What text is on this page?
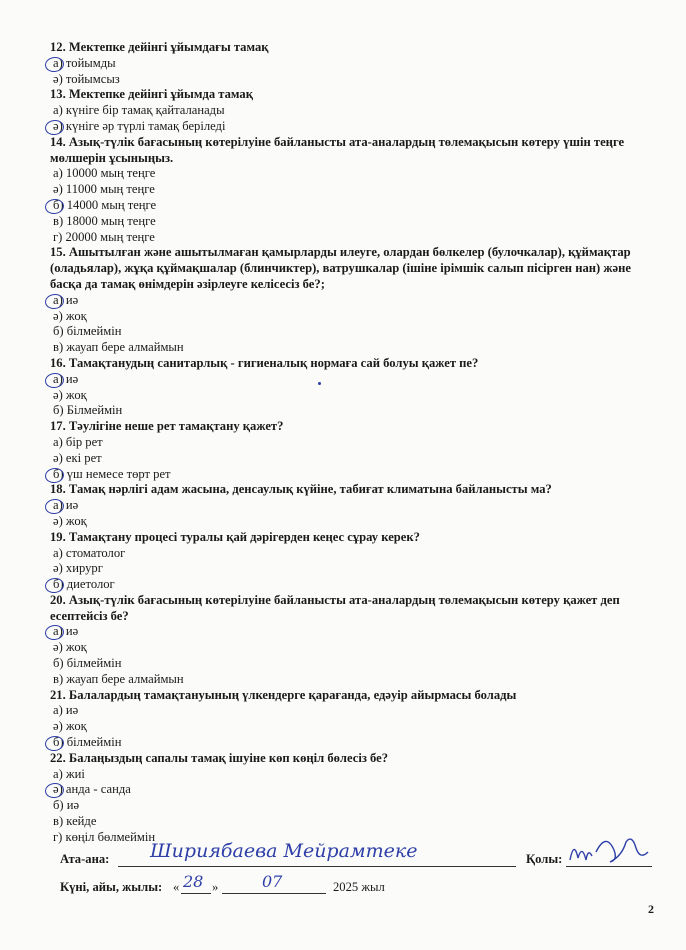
12. Мектепке дейінгі ұйымдағы тамақ
а) тойымды
ә) тойымсыз
13. Мектепке дейінгі ұйымда тамақ
а) күнiге бір тамақ қайталанады
ә) күнiге әр түрлі тамақ беріледі
14. Азық-түлік бағасының көтерілуіне байланысты ата-аналардың төлемақысын көтеру үшін теңге мөлшерін ұсыныңыз.
а) 10000 мың теңге
ә) 11000 мың теңге
б) 14000 мың теңге
в) 18000 мың теңге
г) 20000 мың теңге
15. Ашытылған және ашытылмаған қамырларды илеуге, олардан бөлкелер (булочкалар), құймақтар (оладьялар), жұқа құймақшалар (блинчиктер), ватрушкалар (ішіне ірімшік салып пісірген нан) және басқа да тамақ өнімдерін әзірлеуге келісесіз бе?;
а) иә
ә) жоқ
б) білмеймін
в) жауап бере алмаймын
16. Тамақтанудың санитарлық - гигиеналық нормаға сай болуы қажет пе?
а) иә
ә) жоқ
б) Білмеймін
17. Тәулігіне неше рет тамақтану қажет?
а) бір рет
ә) екі рет
б) үш немесе төрт рет
18. Тамақ нәрлігі адам жасына, денсаулық күйіне, табиғат климатына байланысты ма?
а) иә
ә) жоқ
19. Тамақтану процесі туралы қай дәрігерден кеңес сұрау керек?
а) стоматолог
ә) хирург
б) диетолог
20. Азық-түлік бағасының көтерілуіне байланысты ата-аналардың төлемақысын көтеру қажет деп есептейсіз бе?
а) иә
ә) жоқ
б) білмеймін
в) жауап бере алмаймын
21. Балалардың тамақтануының үлкендерге қарағанда, едәуір айырмасы болады
а) иә
ә) жоқ
б) білмеймін
22. Балаңыздың сапалы тамақ ішуіне көп көңіл бөлесіз бе?
а) жиі
ә) анда - санда
б) иә
в) кейде
г) көңіл бөлмеймін
Ата-ана: Шириябаева Мейрамтеке	Қолы:
Күні, айы, жылы: « 28 »	07	2025 жыл
2
